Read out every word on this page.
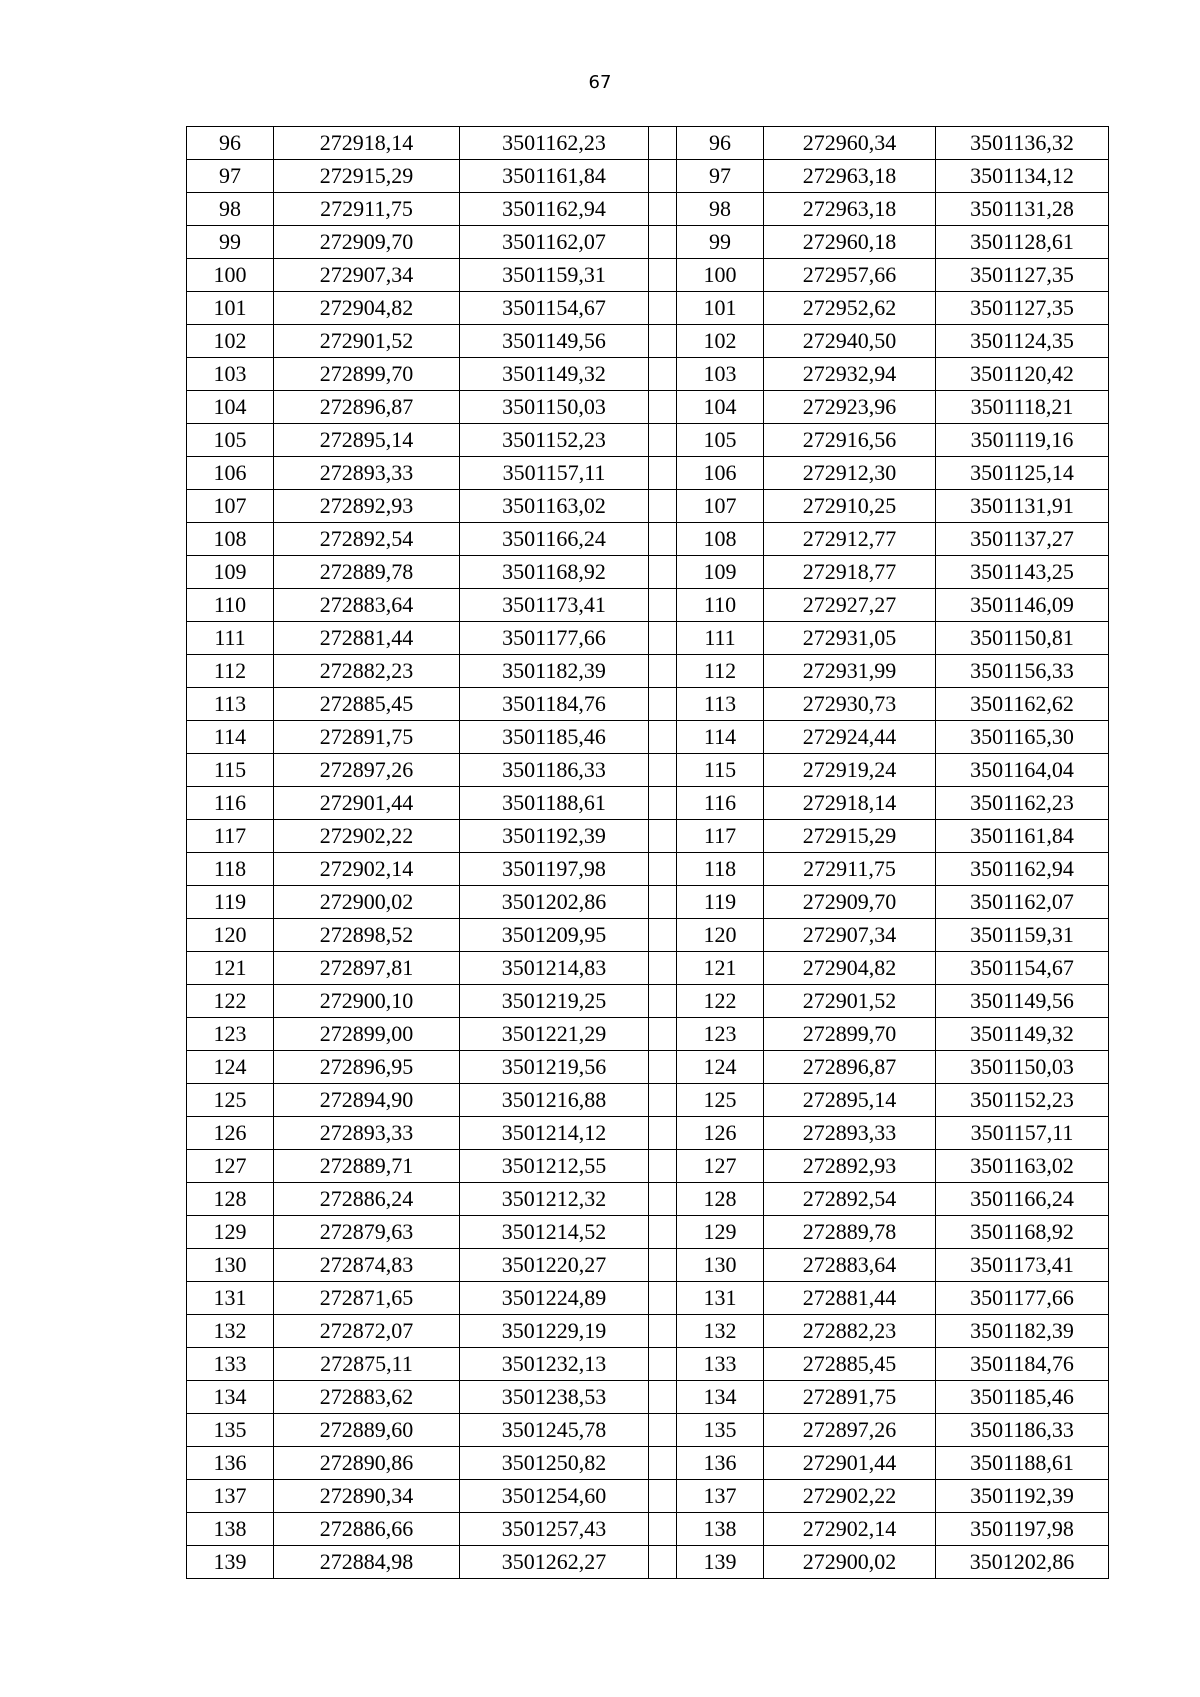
67
96	272918,14	3501162,23		96	272960,34	3501136,32
97	272915,29	3501161,84		97	272963,18	3501134,12
98	272911,75	3501162,94		98	272963,18	3501131,28
99	272909,70	3501162,07		99	272960,18	3501128,61
100	272907,34	3501159,31		100	272957,66	3501127,35
101	272904,82	3501154,67		101	272952,62	3501127,35
102	272901,52	3501149,56		102	272940,50	3501124,35
103	272899,70	3501149,32		103	272932,94	3501120,42
104	272896,87	3501150,03		104	272923,96	3501118,21
105	272895,14	3501152,23		105	272916,56	3501119,16
106	272893,33	3501157,11		106	272912,30	3501125,14
107	272892,93	3501163,02		107	272910,25	3501131,91
108	272892,54	3501166,24		108	272912,77	3501137,27
109	272889,78	3501168,92		109	272918,77	3501143,25
110	272883,64	3501173,41		110	272927,27	3501146,09
111	272881,44	3501177,66		111	272931,05	3501150,81
112	272882,23	3501182,39		112	272931,99	3501156,33
113	272885,45	3501184,76		113	272930,73	3501162,62
114	272891,75	3501185,46		114	272924,44	3501165,30
115	272897,26	3501186,33		115	272919,24	3501164,04
116	272901,44	3501188,61		116	272918,14	3501162,23
117	272902,22	3501192,39		117	272915,29	3501161,84
118	272902,14	3501197,98		118	272911,75	3501162,94
119	272900,02	3501202,86		119	272909,70	3501162,07
120	272898,52	3501209,95		120	272907,34	3501159,31
121	272897,81	3501214,83		121	272904,82	3501154,67
122	272900,10	3501219,25		122	272901,52	3501149,56
123	272899,00	3501221,29		123	272899,70	3501149,32
124	272896,95	3501219,56		124	272896,87	3501150,03
125	272894,90	3501216,88		125	272895,14	3501152,23
126	272893,33	3501214,12		126	272893,33	3501157,11
127	272889,71	3501212,55		127	272892,93	3501163,02
128	272886,24	3501212,32		128	272892,54	3501166,24
129	272879,63	3501214,52		129	272889,78	3501168,92
130	272874,83	3501220,27		130	272883,64	3501173,41
131	272871,65	3501224,89		131	272881,44	3501177,66
132	272872,07	3501229,19		132	272882,23	3501182,39
133	272875,11	3501232,13		133	272885,45	3501184,76
134	272883,62	3501238,53		134	272891,75	3501185,46
135	272889,60	3501245,78		135	272897,26	3501186,33
136	272890,86	3501250,82		136	272901,44	3501188,61
137	272890,34	3501254,60		137	272902,22	3501192,39
138	272886,66	3501257,43		138	272902,14	3501197,98
139	272884,98	3501262,27		139	272900,02	3501202,86
